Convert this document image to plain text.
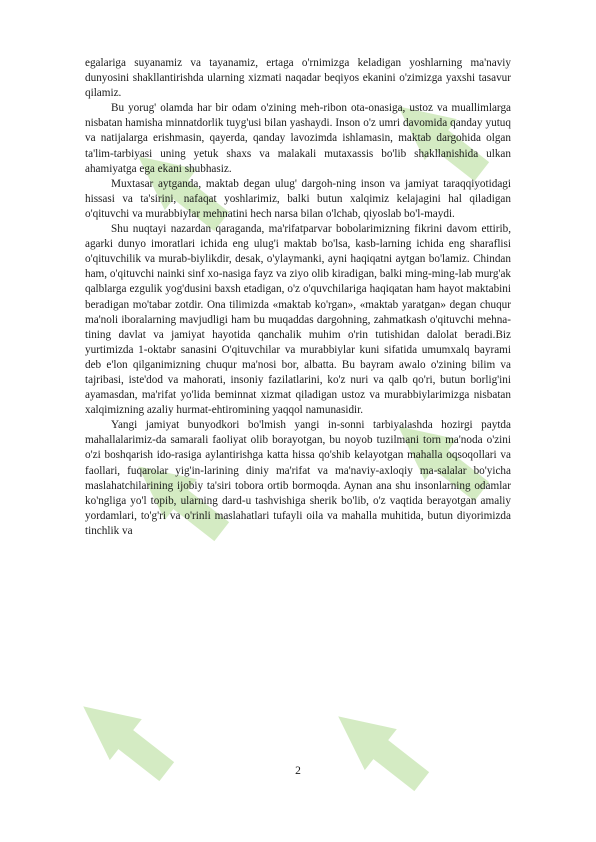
egalariga suyanamiz va tayanamiz, ertaga o'rnimizga keladigan yoshlarning ma'naviy dunyosini shakllantirishda ularning xizmati naqadar beqiyos ekanini o'zimizga yaxshi tasavur qilamiz.

Bu yorug' olamda har bir odam o'zining meh-ribon ota-onasiga, ustoz va muallimlarga nisbatan hamisha minnatdorlik tuyg'usi bilan yashaydi. Inson o'z umri davomida qanday yutuq va natijalarga erishmasin, qayerda, qanday lavozimda ishlamasin, maktab dargohida olgan ta'lim-tarbiyasi uning yetuk shaxs va malakali mutaxassis bo'lib shakllanishida ulkan ahamiyatga ega ekani shubhasiz.

Muxtasar aytganda, maktab degan ulug' dargoh-ning inson va jamiyat taraqqiyotidagi hissasi va ta'sirini, nafaqat yoshlarimiz, balki butun xalqimiz kelajagini hal qiladigan o'qituvchi va murabbiylar mehnatini hech narsa bilan o'lchab, qiyoslab bo'l-maydi.

Shu nuqtayi nazardan qaraganda, ma'rifatparvar bobolarimizning fikrini davom ettirib, agarki dunyo imoratlari ichida eng ulug'i maktab bo'lsa, kasb-larning ichida eng sharaflisi o'qituvchilik va murab-biylikdir, desak, o'ylaymanki, ayni haqiqatni aytgan bo'lamiz. Chindan ham, o'qituvchi nainki sinf xo-nasiga fayz va ziyo olib kiradigan, balki ming-ming-lab murg'ak qalblarga ezgulik yog'dusini baxsh etadigan, o'z o'quvchilariga haqiqatan ham hayot maktabini beradigan mo'tabar zotdir. Ona tilimizda «maktab ko'rgan», «maktab yaratgan» degan chuqur ma'noli iboralarning mavjudligi ham bu muqaddas dargohning, zahmatkash o'qituvchi mehna-tining davlat va jamiyat hayotida qanchalik muhim o'rin tutishidan dalolat beradi.Biz yurtimizda 1-oktabr sanasini O'qituvchilar va murabbiylar kuni sifatida umumxalq bayrami deb e'lon qilganimizning chuqur ma'nosi bor, albatta. Bu bayram awalo o'zining bilim va tajribasi, iste'dod va mahorati, insoniy fazilatlarini, ko'z nuri va qalb qo'ri, butun borlig'ini ayamasdan, ma'rifat yo'lida beminnat xizmat qiladigan ustoz va murabbiylarimizga nisbatan xalqimizning azaliy hurmat-ehtiromining yaqqol namunasidir.

Yangi jamiyat bunyodkori bo'lmish yangi in-sonni tarbiyalashda hozirgi paytda mahallalarimiz-da samarali faoliyat olib borayotgan, bu noyob tuzilmani torn ma'noda o'zini o'zi boshqarish ido-rasiga aylantirishga katta hissa qo'shib kelayotgan mahalla oqsoqollari va faollari, fuqarolar yig'in-larining diniy ma'rifat va ma'naviy-axloqiy ma-salalar bo'yicha maslahatchilarining ijobiy ta'siri tobora ortib bormoqda. Aynan ana shu insonlarning odamlar ko'ngliga yo'l topib, ularning dard-u tashvishiga sherik bo'lib, o'z vaqtida berayotgan amaliy yordamlari, to'g'ri va o'rinli maslahatlari tufayli oila va mahalla muhitida, butun diyorimizda tinchlik va

2
